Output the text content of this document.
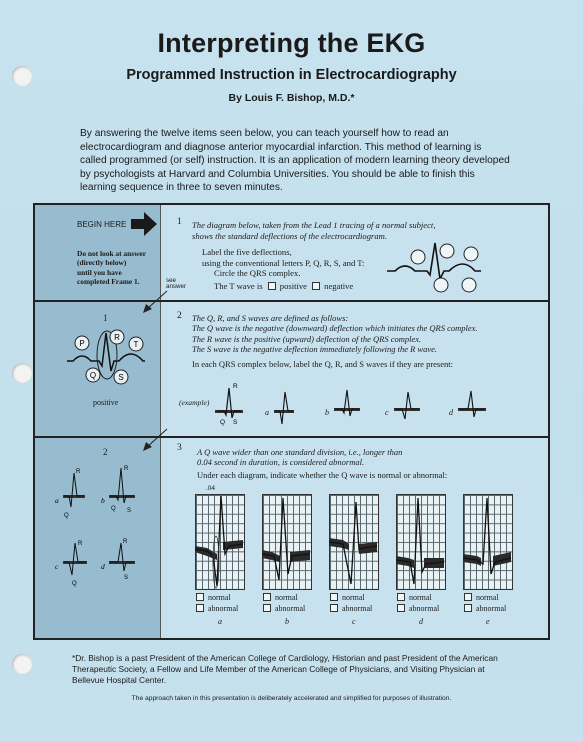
Interpreting the EKG
Programmed Instruction in Electrocardiography
By Louis F. Bishop, M.D.*
By answering the twelve items seen below, you can teach yourself how to read an electrocardiogram and diagnose anterior myocardial infarction. This method of learning is called programmed (or self) instruction. It is an application of modern learning theory developed by psychologists at Harvard and Columbia Universities. You should be able to finish this learning sequence in three to seven minutes.
BEGIN HERE
Do not look at answer
(directly below)
until you have
completed Frame 1.	see
answer
1 The diagram below, taken from the Lead 1 tracing of a normal subject,
shows the standard deflections of the electrocardiogram.
Label the five deflections,
using the conventional letters P, Q, R, S, and T:
Circle the QRS complex.
The T wave is positive negative
1
P
R
T
Q	S
positive
2 The Q, R, and S waves are defined as follows:
The Q wave is the negative (downward) deflection which initiates the QRS complex.
The R wave is the positive (upward) deflection of the QRS complex.
The S wave is the negative deflection immediately following the R wave.
In each QRS complex below, label the Q, R, and S waves if they are present:
(example)
R
Q S
a	b	c	d
2
a
R
Q
b
R
Q S
c
R
Q
d
R
S
3 A Q wave wider than one standard division, i.e., longer than
0.04 second in duration, is considered abnormal.
Under each diagram, indicate whether the Q wave is normal or abnormal:
.04
normal
abnormal
a
normal
abnormal
b
normal
abnormal
c
normal
abnormal
d
normal
abnormal
e
*Dr. Bishop is a past President of the American College of Cardiology, Historian and past President of the American Therapeutic Society, a Fellow and Life Member of the American College of Physicians, and Visiting Physician at Bellevue Hospital Center.
The approach taken in this presentation is deliberately accelerated and simplified for purposes of illustration.
